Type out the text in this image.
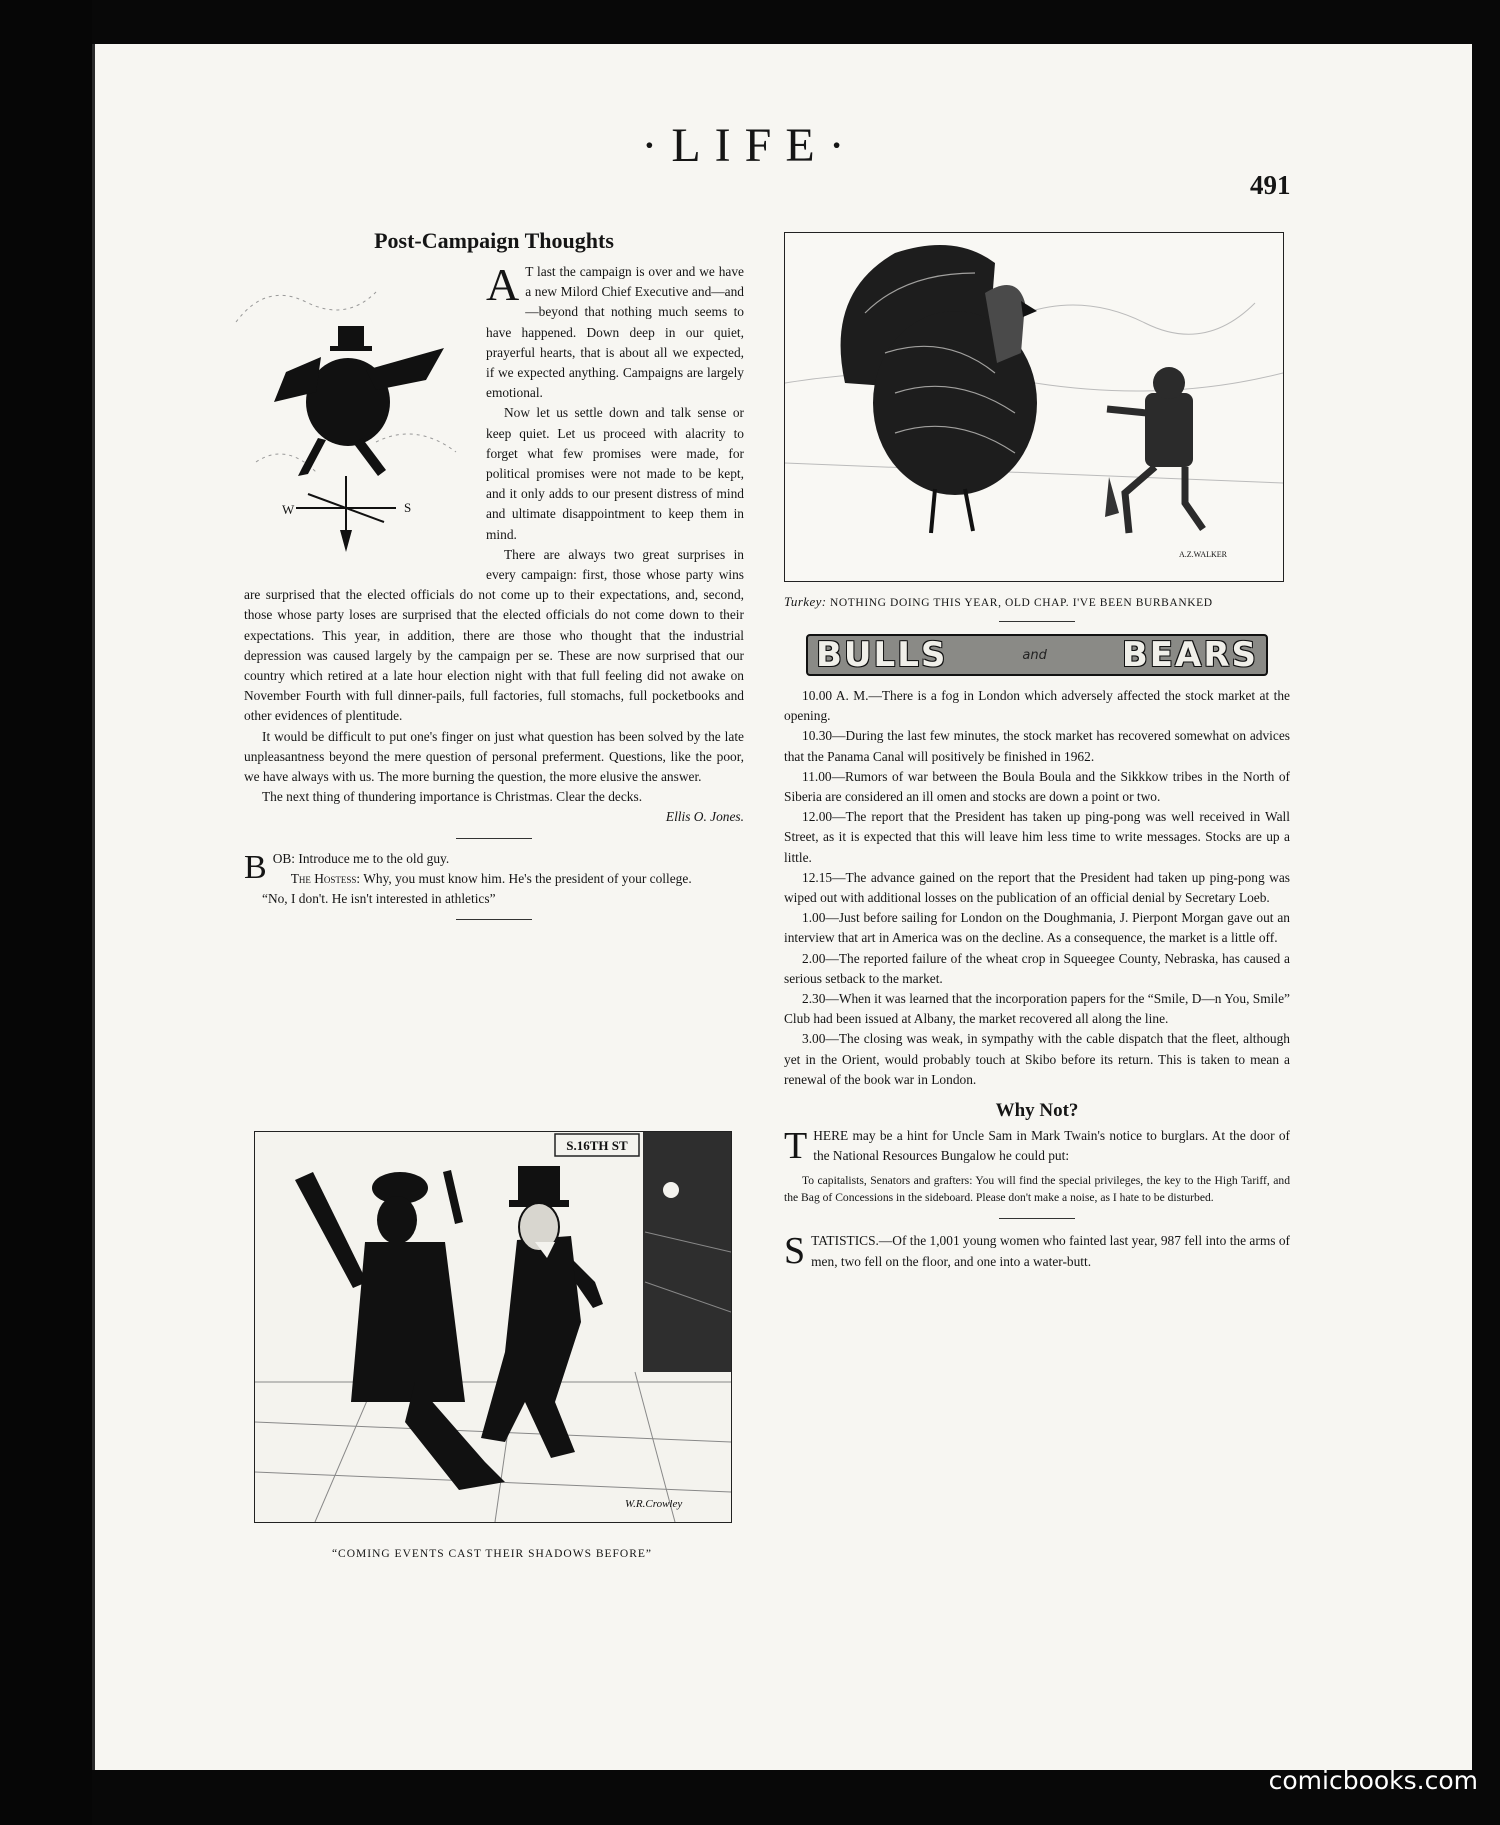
·LIFE·
491
Post-Campaign Thoughts
W	S

A T last the campaign is over and we have a new Milord Chief Executive and—and—beyond that nothing much seems to have happened. Down deep in our quiet, prayerful hearts, that is about all we expected, if we expected anything. Campaigns are largely emotional.

Now let us settle down and talk sense or keep quiet. Let us proceed with alacrity to forget what few promises were made, for political promises were not made to be kept, and it only adds to our present distress of mind and ultimate disappointment to keep them in mind.

There are always two great surprises in every campaign: first, those whose party wins are surprised that the elected officials do not come up to their expectations, and, second, those whose party loses are surprised that the elected officials do not come down to their expectations. This year, in addition, there are those who thought that the industrial depression was caused largely by the campaign per se. These are now surprised that our country which retired at a late hour election night with that full feeling did not awake on November Fourth with full dinner-pails, full factories, full stomachs, full pocketbooks and other evidences of plentitude.

It would be difficult to put one's finger on just what question has been solved by the late unpleasantness beyond the mere question of personal preferment. Questions, like the poor, we have always with us. The more burning the question, the more elusive the answer.

The next thing of thundering importance is Christmas. Clear the decks.

Ellis O. Jones.

BOB: Introduce me to the old guy.

The Hostess: Why, you must know him. He's the president of your college.

“No, I don't. He isn't interested in athletics”

S.16TH ST
W.R.Crowley
“COMING EVENTS CAST THEIR SHADOWS BEFORE”
A.Z.WALKER
Turkey: NOTHING DOING THIS YEAR, OLD CHAP. I'VE BEEN BURBANKED
BULLS	and BEARS

10.00 A. M.—There is a fog in London which adversely affected the stock market at the opening.

10.30—During the last few minutes, the stock market has recovered somewhat on advices that the Panama Canal will positively be finished in 1962.

11.00—Rumors of war between the Boula Boula and the Sikkkow tribes in the North of Siberia are considered an ill omen and stocks are down a point or two.

12.00—The report that the President has taken up ping-pong was well received in Wall Street, as it is expected that this will leave him less time to write messages. Stocks are up a little.

12.15—The advance gained on the report that the President had taken up ping-pong was wiped out with additional losses on the publication of an official denial by Secretary Loeb.

1.00—Just before sailing for London on the Doughmania, J. Pierpont Morgan gave out an interview that art in America was on the decline. As a consequence, the market is a little off.

2.00—The reported failure of the wheat crop in Squeegee County, Nebraska, has caused a serious setback to the market.

2.30—When it was learned that the incorporation papers for the “Smile, D—n You, Smile” Club had been issued at Albany, the market recovered all along the line.

3.00—The closing was weak, in sympathy with the cable dispatch that the fleet, although yet in the Orient, would probably touch at Skibo before its return. This is taken to mean a renewal of the book war in London.

Why Not?

THERE may be a hint for Uncle Sam in Mark Twain's notice to burglars. At the door of the National Resources Bungalow he could put:

To capitalists, Senators and grafters: You will find the special privileges, the key to the High Tariff, and the Bag of Concessions in the sideboard. Please don't make a noise, as I hate to be disturbed.

STATISTICS.—Of the 1,001 young women who fainted last year, 987 fell into the arms of men, two fell on the floor, and one into a water-butt.

comicbooks.com
